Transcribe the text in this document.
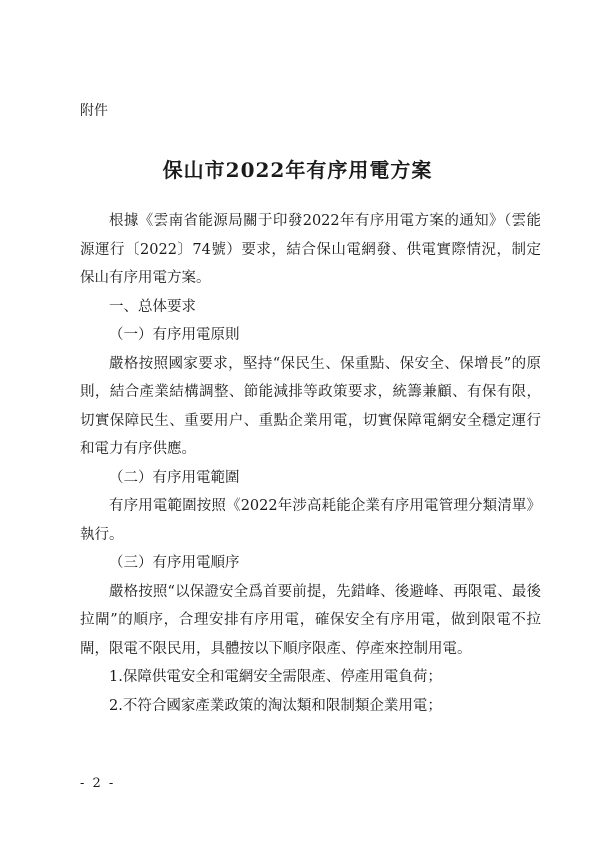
附件
保山市2022年有序用電方案

根據《雲南省能源局關于印發2022年有序用電方案的通知》（雲能源運行〔2022〕74號）要求，結合保山電網發、供電實際情況，制定保山有序用電方案。

一、总体要求

（一）有序用電原則

嚴格按照國家要求，堅持“保民生、保重點、保安全、保增長”的原則，結合產業結構調整、節能減排等政策要求，統籌兼顧、有保有限，切實保障民生、重要用户、重點企業用電，切實保障電網安全穩定運行和電力有序供應。

（二）有序用電範圍

有序用電範圍按照《2022年涉高耗能企業有序用電管理分類清單》執行。

（三）有序用電順序

嚴格按照“以保證安全爲首要前提，先錯峰、後避峰、再限電、最後拉閘”的順序，合理安排有序用電，確保安全有序用電，做到限電不拉閘，限電不限民用，具體按以下順序限產、停產來控制用電。

1.保障供電安全和電網安全需限產、停產用電負荷；

2.不符合國家產業政策的淘汰類和限制類企業用電；

- 2 -
